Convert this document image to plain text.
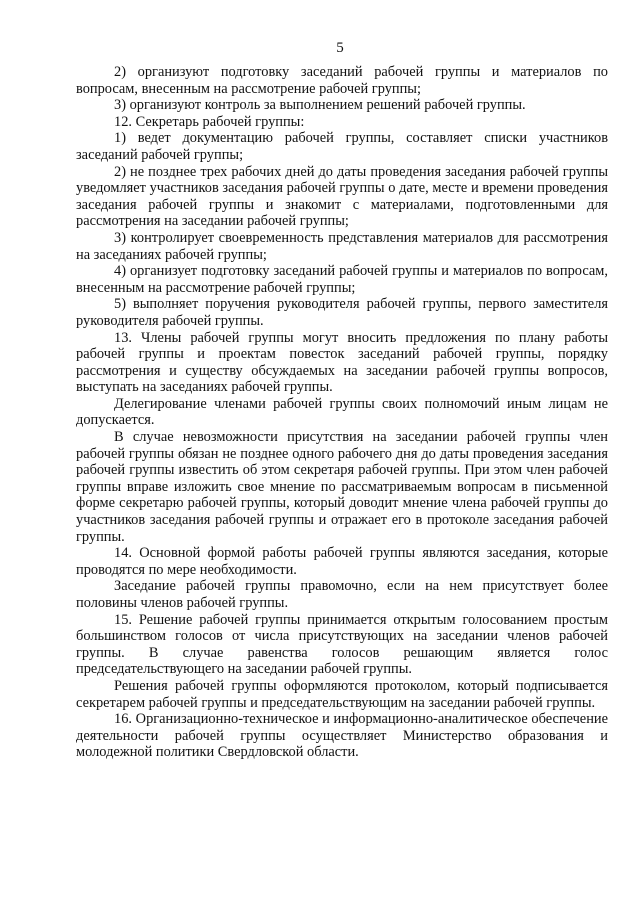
5

2) организуют подготовку заседаний рабочей группы и материалов по вопросам, внесенным на рассмотрение рабочей группы;

3) организуют контроль за выполнением решений рабочей группы.

12. Секретарь рабочей группы:

1) ведет документацию рабочей группы, составляет списки участников заседаний рабочей группы;

2) не позднее трех рабочих дней до даты проведения заседания рабочей группы уведомляет участников заседания рабочей группы о дате, месте и времени проведения заседания рабочей группы и знакомит с материалами, подготовленными для рассмотрения на заседании рабочей группы;

3) контролирует своевременность представления материалов для рассмотрения на заседаниях рабочей группы;

4) организует подготовку заседаний рабочей группы и материалов по вопросам, внесенным на рассмотрение рабочей группы;

5) выполняет поручения руководителя рабочей группы, первого заместителя руководителя рабочей группы.

13. Члены рабочей группы могут вносить предложения по плану работы рабочей группы и проектам повесток заседаний рабочей группы, порядку рассмотрения и существу обсуждаемых на заседании рабочей группы вопросов, выступать на заседаниях рабочей группы.

Делегирование членами рабочей группы своих полномочий иным лицам не допускается.

В случае невозможности присутствия на заседании рабочей группы член рабочей группы обязан не позднее одного рабочего дня до даты проведения заседания рабочей группы известить об этом секретаря рабочей группы. При этом член рабочей группы вправе изложить свое мнение по рассматриваемым вопросам в письменной форме секретарю рабочей группы, который доводит мнение члена рабочей группы до участников заседания рабочей группы и отражает его в протоколе заседания рабочей группы.

14. Основной формой работы рабочей группы являются заседания, которые проводятся по мере необходимости.

Заседание рабочей группы правомочно, если на нем присутствует более половины членов рабочей группы.

15. Решение рабочей группы принимается открытым голосованием простым большинством голосов от числа присутствующих на заседании членов рабочей группы. В случае равенства голосов решающим является голос председательствующего на заседании рабочей группы.

Решения рабочей группы оформляются протоколом, который подписывается секретарем рабочей группы и председательствующим на заседании рабочей группы.

16. Организационно-техническое и информационно-аналитическое обеспечение деятельности рабочей группы осуществляет Министерство образования и молодежной политики Свердловской области.
